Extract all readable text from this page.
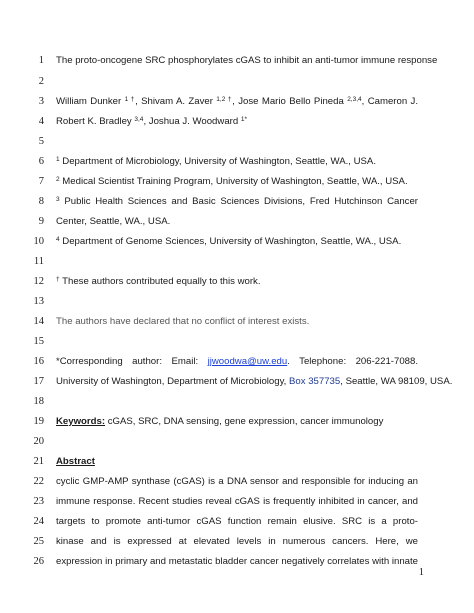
1 The proto-oncogene SRC phosphorylates cGAS to inhibit an anti-tumor immune response
2
3 William Dunker $^{1 \dagger}$, Shivam A. Zaver $^{1,2 \dagger}$, Jose Mario Bello Pineda $^{2,3,4}$, Cameron J.
4 Robert K. Bradley $^{3,4}$, Joshua J. Woodward $^{1*}$
5
6 $^1$ Department of Microbiology, University of Washington, Seattle, WA., USA.
7 $^2$ Medical Scientist Training Program, University of Washington, Seattle, WA., USA.
8 $^3$ Public Health Sciences and Basic Sciences Divisions, Fred Hutchinson Cancer
9 Center, Seattle, WA., USA.
10 $^4$ Department of Genome Sciences, University of Washington, Seattle, WA., USA.
11
12 † These authors contributed equally to this work.
13
14 The authors have declared that no conflict of interest exists.
15
16 *Corresponding author: Email: jjwoodwa@uw.edu. Telephone: 206-221-7088.
17 University of Washington, Department of Microbiology, Box 357735, Seattle, WA 98109, USA.
18
19 Keywords: cGAS, SRC, DNA sensing, gene expression, cancer immunology
20
21 Abstract
22 cyclic GMP-AMP synthase (cGAS) is a DNA sensor and responsible for inducing an
23 immune response. Recent studies reveal cGAS is frequently inhibited in cancer, and
24 targets to promote anti-tumor cGAS function remain elusive. SRC is a proto-
25 kinase and is expressed at elevated levels in numerous cancers. Here, we
26 expression in primary and metastatic bladder cancer negatively correlates with innate
1
